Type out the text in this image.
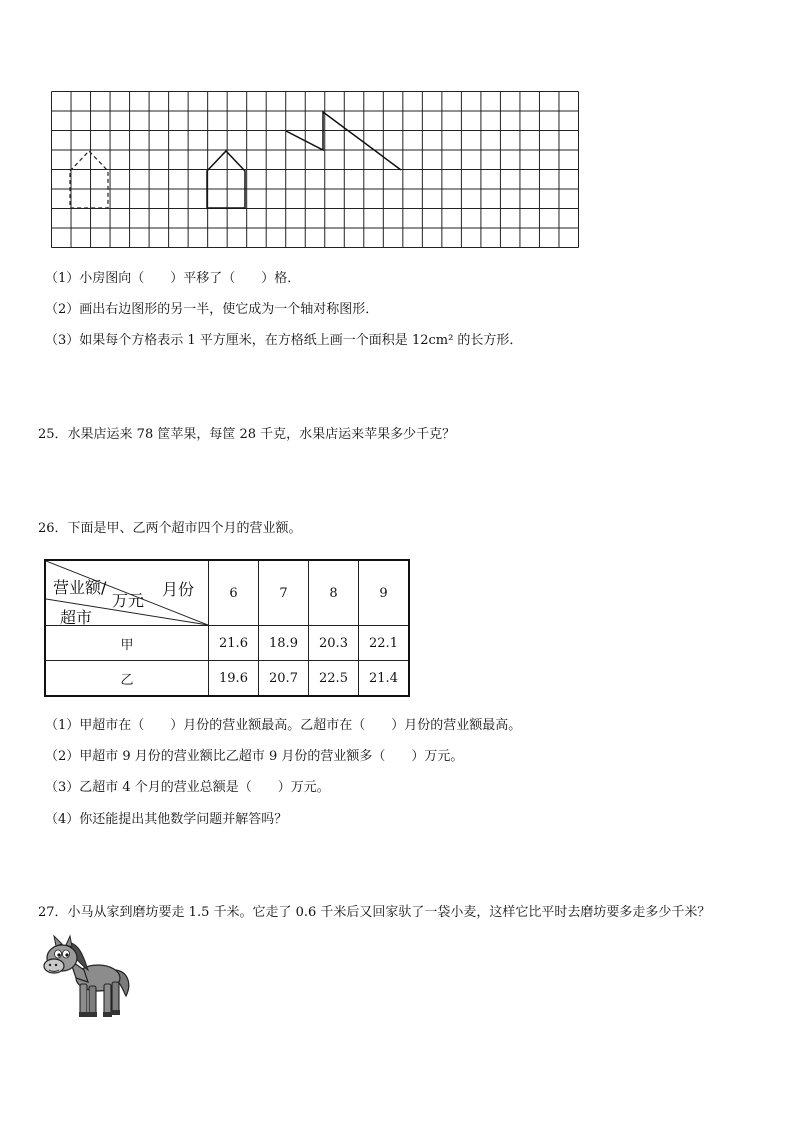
（1）小房图向（　　）平移了（　　）格．
（2）画出右边图形的另一半，使它成为一个轴对称图形．
（3）如果每个方格表示 1 平方厘米，在方格纸上画一个面积是 12cm² 的长方形．
25．水果店运来 78 筐苹果，每筐 28 千克，水果店运来苹果多少千克？
26．下面是甲、乙两个超市四个月的营业额。
营业额/
万元
月份
超市	6	7	8	9
甲	21.6	18.9	20.3	22.1
乙	19.6	20.7	22.5	21.4
（1）甲超市在（　　）月份的营业额最高。乙超市在（　　）月份的营业额最高。
（2）甲超市 9 月份的营业额比乙超市 9 月份的营业额多（　　）万元。
（3）乙超市 4 个月的营业总额是（　　）万元。
（4）你还能提出其他数学问题并解答吗？
27．小马从家到磨坊要走 1.5 千米。它走了 0.6 千米后又回家驮了一袋小麦，这样它比平时去磨坊要多走多少千米？
